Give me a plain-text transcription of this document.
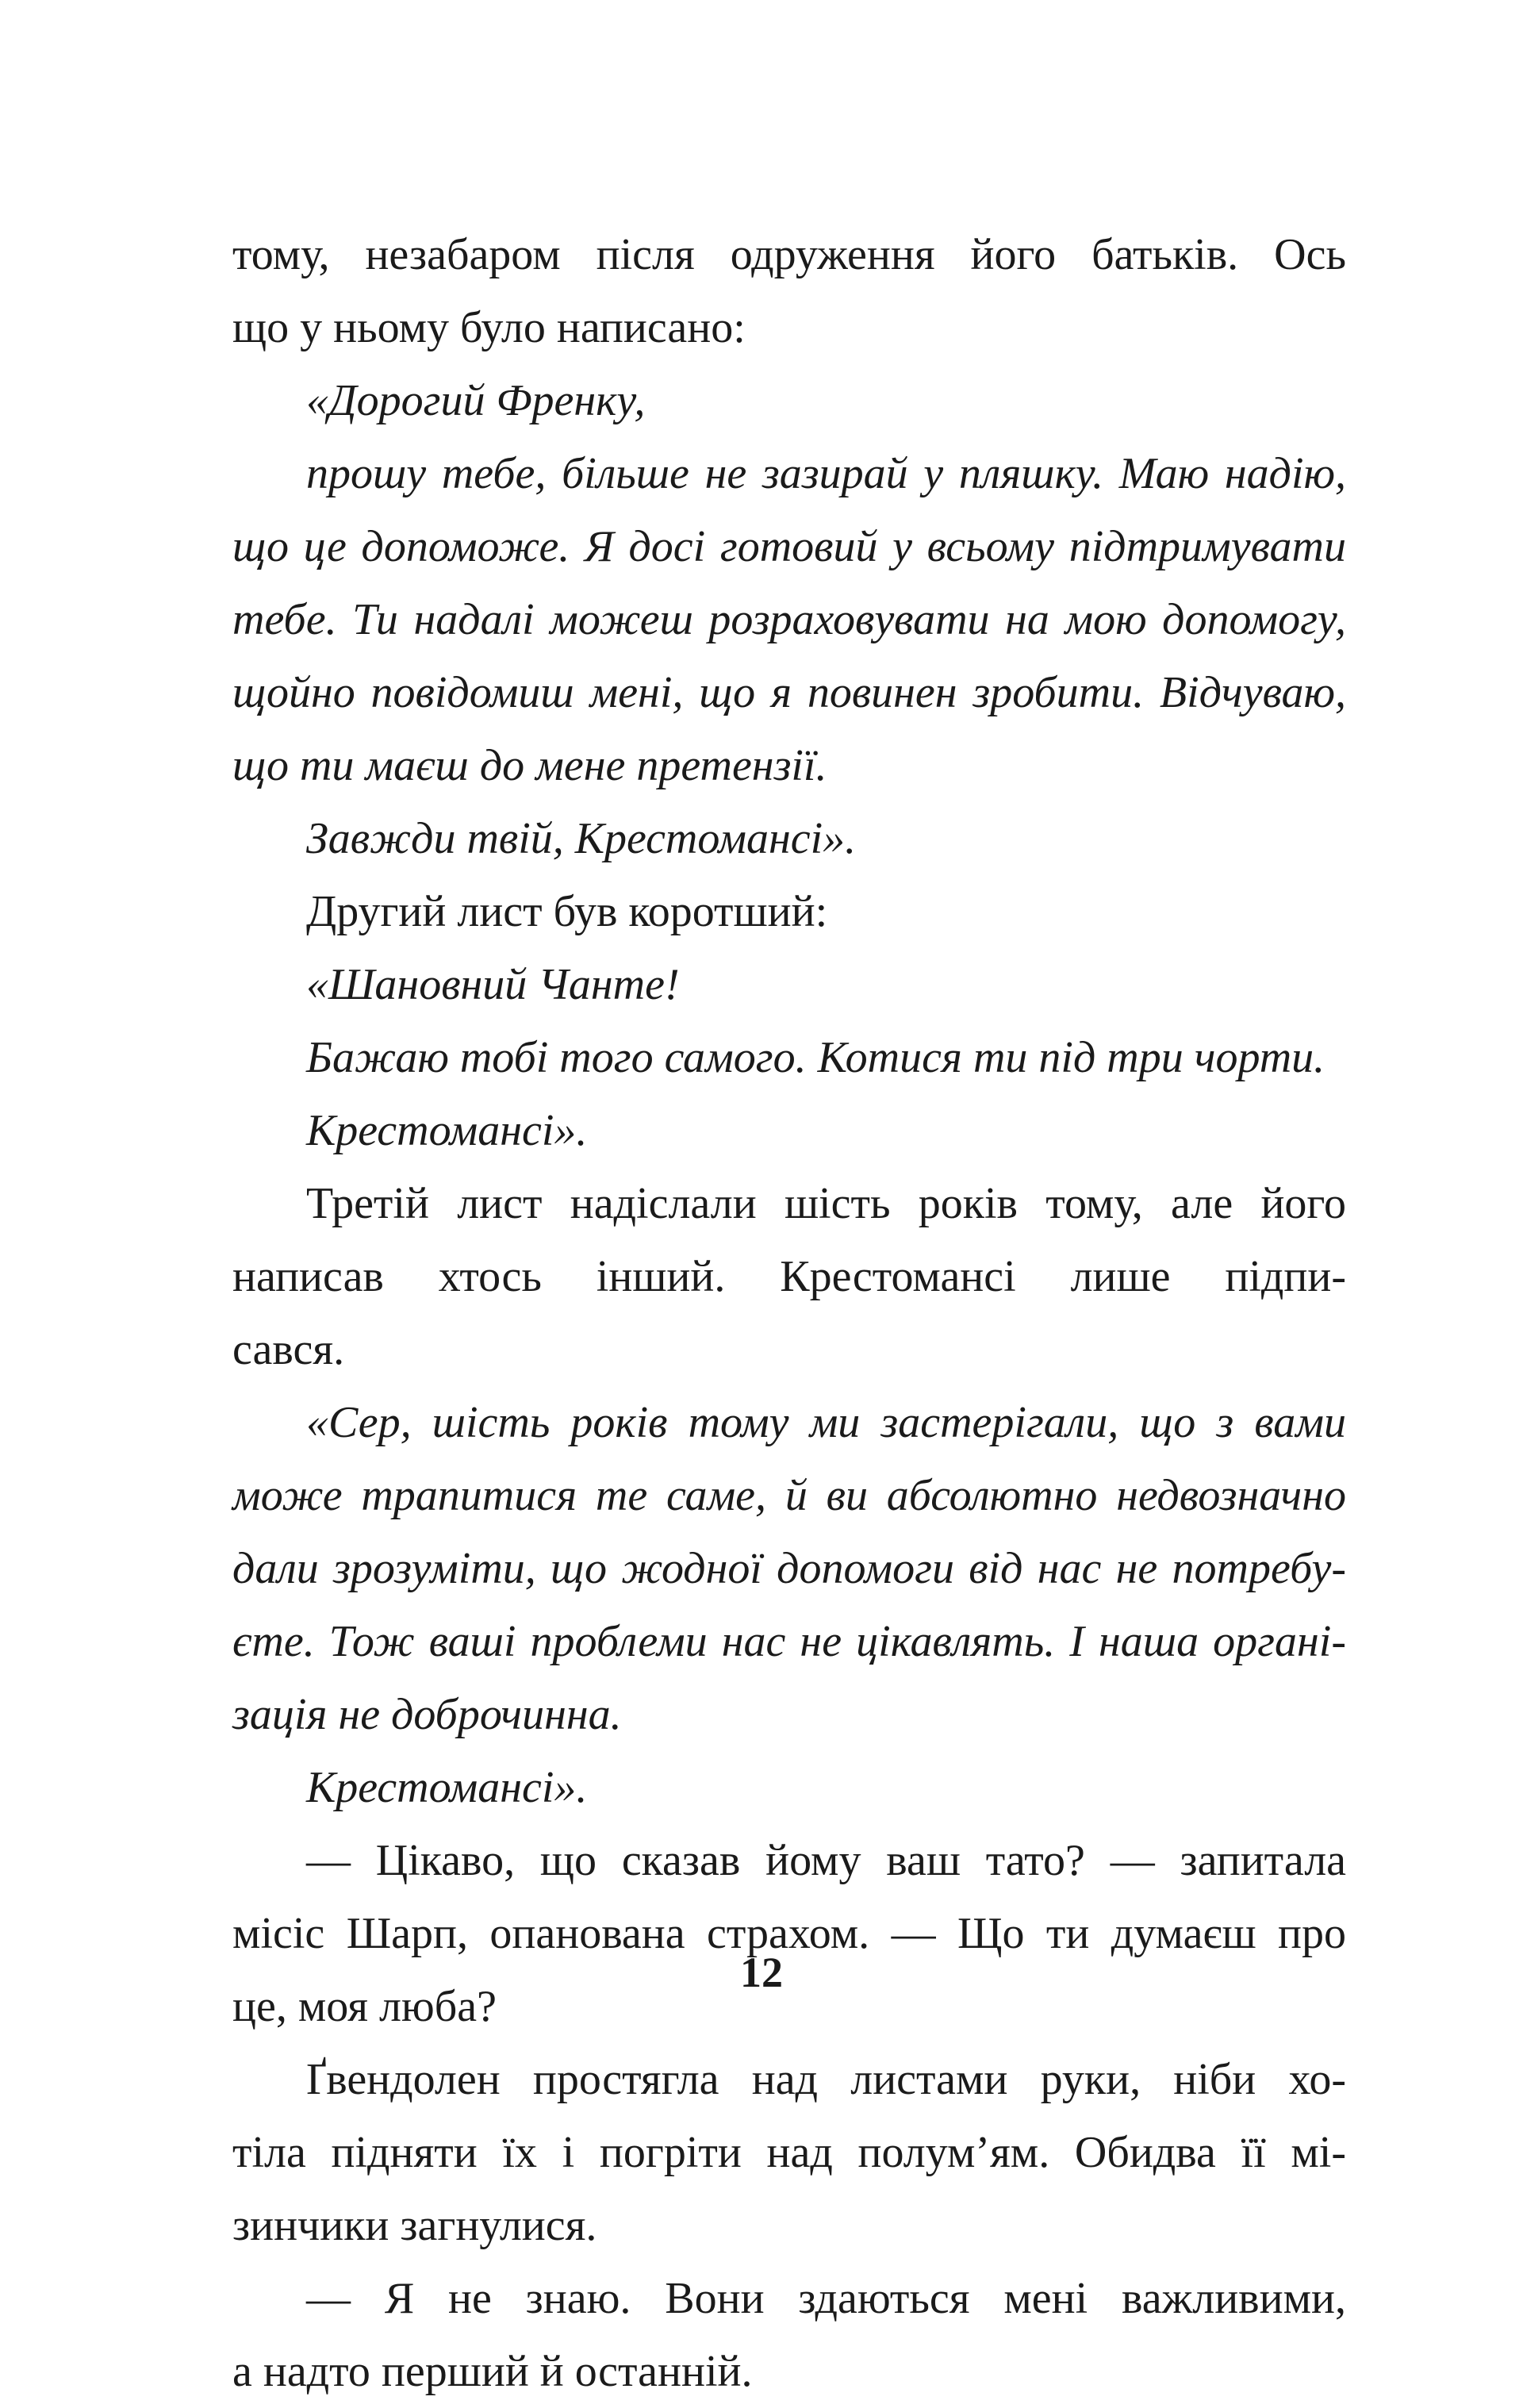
тому, незабаром після одруження його батьків. Ось
що у ньому було написано:
«Дорогий Френку,
прошу тебе, більше не зазирай у пляшку. Маю надію,
що це допоможе. Я досі готовий у всьому підтримувати
тебе. Ти надалі можеш розраховувати на мою допомогу,
щойно повідомиш мені, що я повинен зробити. Відчуваю,
що ти маєш до мене претензії.
Завжди твій, Крестомансі».
Другий лист був коротший:
«Шановний Чанте!
Бажаю тобі того самого. Котися ти під три чорти.
Крестомансі».
Третій лист надіслали шість років тому, але його
написав хтось інший. Крестомансі лише підпи-
сався.
«Сер, шість років тому ми застерігали, що з вами
може трапитися те саме, й ви абсолютно недвозначно
дали зрозуміти, що жодної допомоги від нас не потребу-
єте. Тож ваші проблеми нас не цікавлять. І наша органі-
зація не доброчинна.
Крестомансі».
— Цікаво, що сказав йому ваш тато? — запитала
місіс Шарп, опанована страхом. — Що ти думаєш про
це, моя люба?
Ґвендолен простягла над листами руки, ніби хо-
тіла підняти їх і погріти над полум’ям. Обидва її мі-
зинчики загнулися.
— Я не знаю. Вони здаються мені важливими,
а надто перший й останній.
12
